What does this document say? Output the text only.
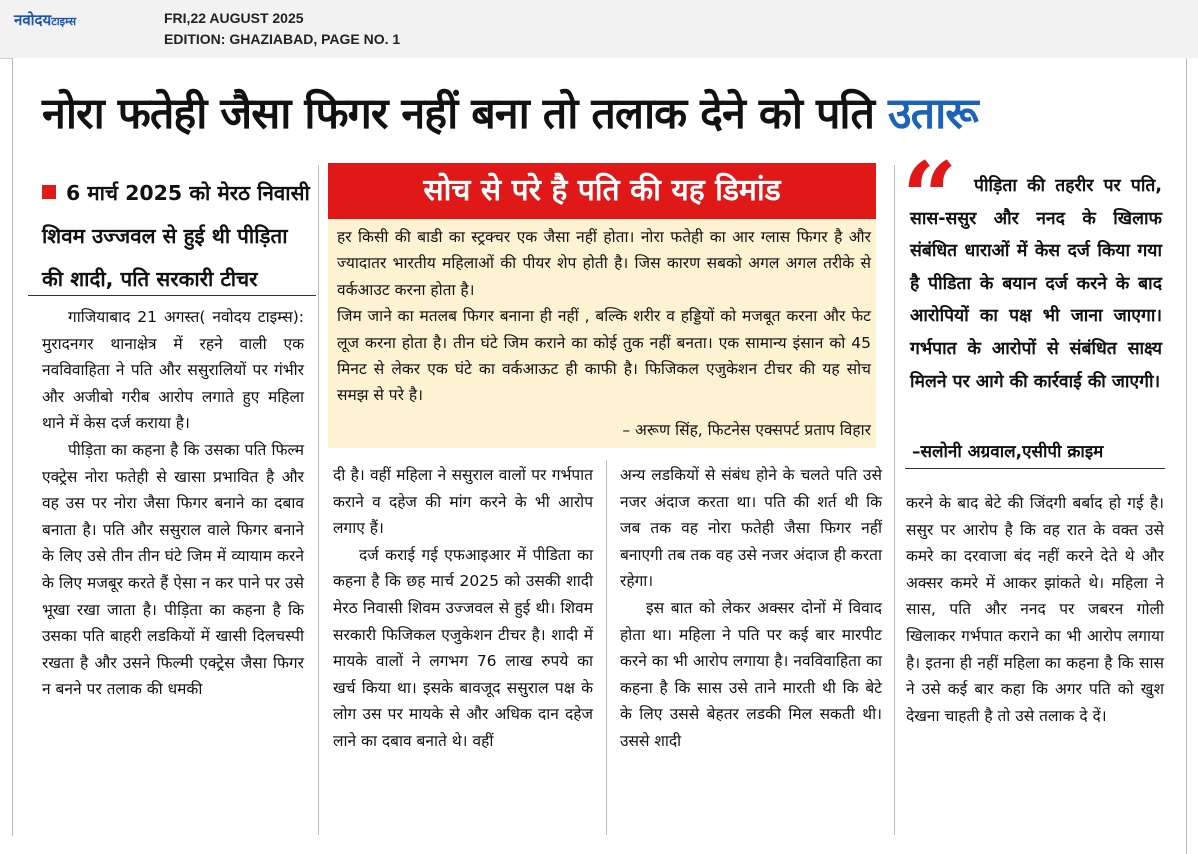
नवोदयटाइम्स	FRI,22 AUGUST 2025
EDITION: GHAZIABAD, PAGE NO. 1
नोरा फतेही जैसा फिगर नहीं बना तो तलाक देने को पति उतारू
6 मार्च 2025 को मेरठ निवासी शिवम उज्जवल से हुई थी पीड़िता की शादी, पति सरकारी टीचर

गाजियाबाद 21 अगस्त( नवोदय टाइम्स): मुरादनगर थानाक्षेत्र में रहने वाली एक नवविवाहिता ने पति और ससुरालियों पर गंभीर और अजीबो गरीब आरोप लगाते हुए महिला थाने में केस दर्ज कराया है।

पीड़िता का कहना है कि उसका पति फिल्म एक्ट्रेस नोरा फतेही से खासा प्रभावित है और वह उस पर नोरा जैसा फिगर बनाने का दबाव बनाता है। पति और ससुराल वाले फिगर बनाने के लिए उसे तीन तीन घंटे जिम में व्यायाम करने के लिए मजबूर करते हैं ऐसा न कर पाने पर उसे भूखा रखा जाता है। पीड़िता का कहना है कि उसका पति बाहरी लडकियों में खासी दिलचस्पी रखता है और उसने फिल्मी एक्ट्रेस जैसा फिगर न बनने पर तलाक की धमकी

दी है। वहीं महिला ने ससुराल वालों पर गर्भपात कराने व दहेज की मांग करने के भी आरोप लगाए हैं।

दर्ज कराई गई एफआइआर में पीडिता का कहना है कि छह मार्च 2025 को उसकी शादी मेरठ निवासी शिवम उज्जवल से हुई थी। शिवम सरकारी फिजिकल एजुकेशन टीचर है। शादी में मायके वालों ने लगभग 76 लाख रुपये का खर्च किया था। इसके बावजूद ससुराल पक्ष के लोग उस पर मायके से और अधिक दान दहेज लाने का दबाव बनाते थे। वहीं

अन्य लडकियों से संबंध होने के चलते पति उसे नजर अंदाज करता था। पति की शर्त थी कि जब तक वह नोरा फतेही जैसा फिगर नहीं बनाएगी तब तक वह उसे नजर अंदाज ही करता रहेगा।

इस बात को लेकर अक्सर दोनों में विवाद होता था। महिला ने पति पर कई बार मारपीट करने का भी आरोप लगाया है। नवविवाहिता का कहना है कि सास उसे ताने मारती थी कि बेटे के लिए उससे बेहतर लडकी मिल सकती थी।उससे शादी

करने के बाद बेटे की जिंदगी बर्बाद हो गई है। ससुर पर आरोप है कि वह रात के वक्त उसे कमरे का दरवाजा बंद नहीं करने देते थे और अक्सर कमरे में आकर झांकते थे। महिला ने सास, पति और ननद पर जबरन गोली खिलाकर गर्भपात कराने का भी आरोप लगाया है। इतना ही नहीं महिला का कहना है कि सास ने उसे कई बार कहा कि अगर पति को खुश देखना चाहती है तो उसे तलाक दे दें।

सोच से परे है पति की यह डिमांड

हर किसी की बाडी का स्ट्रक्चर एक जैसा नहीं होता। नोरा फतेही का आर ग्लास फिगर है और ज्यादातर भारतीय महिलाओं की पीयर शेप होती है। जिस कारण सबको अगल अगल तरीके से वर्कआउट करना होता है।

जिम जाने का मतलब फिगर बनाना ही नहीं , बल्कि शरीर व हड्डियों को मजबूत करना और फेट लूज करना होता है। तीन घंटे जिम कराने का कोई तुक नहीं बनता। एक सामान्य इंसान को 45 मिनट से लेकर एक घंटे का वर्कआऊट ही काफी है। फिजिकल एजुकेशन टीचर की यह सोच समझ से परे है।

– अरूण सिंह, फिटनेस एक्सपर्ट प्रताप विहार
“ पीड़िता की तहरीर पर पति, सास-ससुर और ननद के खिलाफ संबंधित धाराओं में केस दर्ज किया गया है पीडिता के बयान दर्ज करने के बाद आरोपियों का पक्ष भी जाना जाएगा। गर्भपात के आरोपों से संबंधित साक्ष्य मिलने पर आगे की कार्रवाई की जाएगी।
–सलोनी अग्रवाल,एसीपी क्राइम
